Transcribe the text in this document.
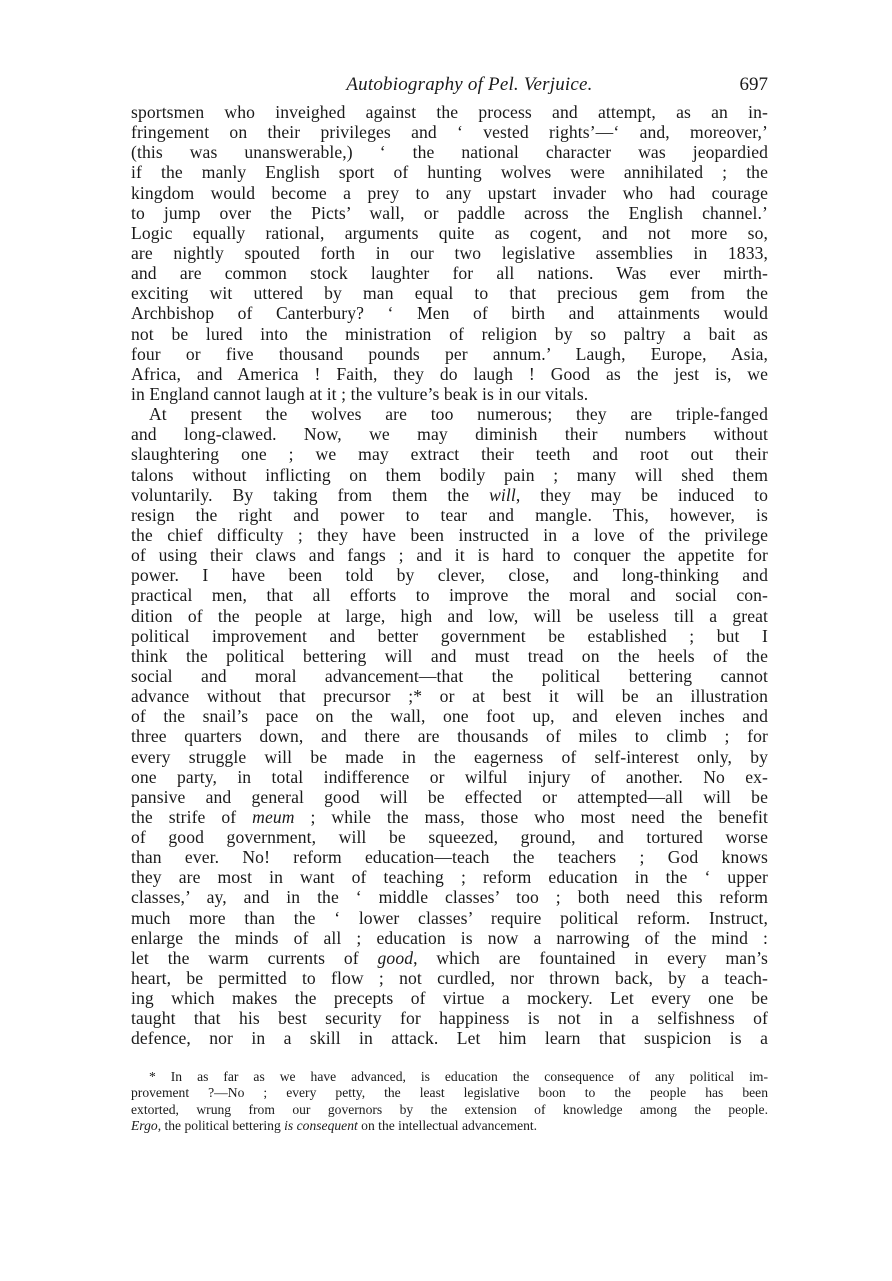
Autobiography of Pel. Verjuice.	697
sportsmen who inveighed against the process and attempt, as an in-
fringement on their privileges and ‘ vested rights’—‘ and, moreover,’
(this was unanswerable,) ‘ the national character was jeopardied
if the manly English sport of hunting wolves were annihilated ; the
kingdom would become a prey to any upstart invader who had courage
to jump over the Picts’ wall, or paddle across the English channel.’
Logic equally rational, arguments quite as cogent, and not more so,
are nightly spouted forth in our two legislative assemblies in 1833,
and are common stock laughter for all nations. Was ever mirth-
exciting wit uttered by man equal to that precious gem from the
Archbishop of Canterbury? ‘ Men of birth and attainments would
not be lured into the ministration of religion by so paltry a bait as
four or five thousand pounds per annum.’ Laugh, Europe, Asia,
Africa, and America ! Faith, they do laugh ! Good as the jest is, we
in England cannot laugh at it ; the vulture’s beak is in our vitals.
At present the wolves are too numerous; they are triple-fanged
and long-clawed. Now, we may diminish their numbers without
slaughtering one ; we may extract their teeth and root out their
talons without inflicting on them bodily pain ; many will shed them
voluntarily. By taking from them the will, they may be induced to
resign the right and power to tear and mangle. This, however, is
the chief difficulty ; they have been instructed in a love of the privilege
of using their claws and fangs ; and it is hard to conquer the appetite for
power. I have been told by clever, close, and long-thinking and
practical men, that all efforts to improve the moral and social con-
dition of the people at large, high and low, will be useless till a great
political improvement and better government be established ; but I
think the political bettering will and must tread on the heels of the
social and moral advancement—that the political bettering cannot
advance without that precursor ;* or at best it will be an illustration
of the snail’s pace on the wall, one foot up, and eleven inches and
three quarters down, and there are thousands of miles to climb ; for
every struggle will be made in the eagerness of self-interest only, by
one party, in total indifference or wilful injury of another. No ex-
pansive and general good will be effected or attempted—all will be
the strife of meum ; while the mass, those who most need the benefit
of good government, will be squeezed, ground, and tortured worse
than ever. No! reform education—teach the teachers ; God knows
they are most in want of teaching ; reform education in the ‘ upper
classes,’ ay, and in the ‘ middle classes’ too ; both need this reform
much more than the ‘ lower classes’ require political reform. Instruct,
enlarge the minds of all ; education is now a narrowing of the mind :
let the warm currents of good, which are fountained in every man’s
heart, be permitted to flow ; not curdled, nor thrown back, by a teach-
ing which makes the precepts of virtue a mockery. Let every one be
taught that his best security for happiness is not in a selfishness of
defence, nor in a skill in attack. Let him learn that suspicion is a
* In as far as we have advanced, is education the consequence of any political im-
provement ?—No ; every petty, the least legislative boon to the people has been
extorted, wrung from our governors by the extension of knowledge among the people.
Ergo, the political bettering is consequent on the intellectual advancement.
